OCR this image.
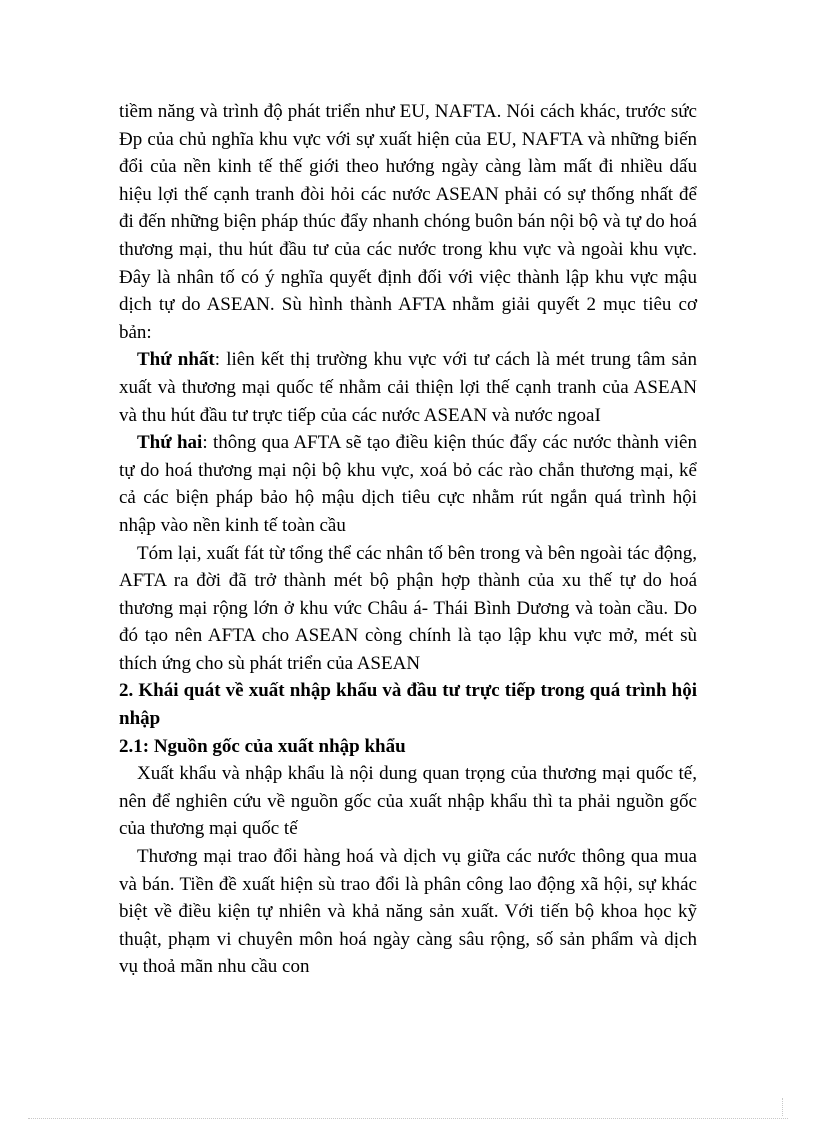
tiềm năng và trình độ phát triển như EU, NAFTA. Nói cách khác, trước sức Ðp của chủ nghĩa khu vực với sự xuất hiện của EU, NAFTA và những biến đổi của nền kinh tế thế giới theo hướng ngày càng làm mất đi nhiều dấu hiệu lợi thế cạnh tranh đòi hỏi các nước ASEAN phải có sự thống nhất để đi đến những biện pháp thúc đẩy nhanh chóng buôn bán nội bộ và tự do hoá thương mại, thu hút đầu tư của các nước trong khu vực và ngoài khu vực. Đây là nhân tố có ý nghĩa quyết định đối với việc thành lập khu vực mậu dịch tự do ASEAN. Sù hình thành AFTA nhằm giải quyết 2 mục tiêu cơ bản:

Thứ nhất: liên kết thị trường khu vực với tư cách là mét trung tâm sản xuất và thương mại quốc tế nhằm cải thiện lợi thế cạnh tranh của ASEAN và thu hút đầu tư trực tiếp của các nước ASEAN và nước ngoaI

Thứ hai: thông qua AFTA sẽ tạo điều kiện thúc đẩy các nước thành viên tự do hoá thương mại nội bộ khu vực, xoá bỏ các rào chắn thương mại, kể cả các biện pháp bảo hộ mậu dịch tiêu cực nhằm rút ngắn quá trình hội nhập vào nền kinh tế toàn cầu

Tóm lại, xuất fát từ tổng thể các nhân tố bên trong và bên ngoài tác động, AFTA ra đời đã trở thành mét bộ phận hợp thành của xu thế tự do hoá thương mại rộng lớn ở khu vức Châu á- Thái Bình Dương và toàn cầu. Do đó tạo nên AFTA cho ASEAN còng chính là tạo lập khu vực mở, mét sù thích ứng cho sù phát triển của ASEAN

2. Khái quát về xuất nhập khẩu và đầu tư trực tiếp trong quá trình hội nhập

2.1: Nguồn gốc của xuất nhập khẩu

Xuất khẩu và nhập khẩu là nội dung quan trọng của thương mại quốc tế, nên để nghiên cứu về nguồn gốc của xuất nhập khẩu thì ta phải nguồn gốc của thương mại quốc tế

Thương mại trao đổi hàng hoá và dịch vụ giữa các nước thông qua mua và bán. Tiền đề xuất hiện sù trao đổi là phân công lao động xã hội, sự khác biệt về điều kiện tự nhiên và khả năng sản xuất. Với tiến bộ khoa học kỹ thuật, phạm vi chuyên môn hoá ngày càng sâu rộng, số sản phẩm và dịch vụ thoả mãn nhu cầu con
